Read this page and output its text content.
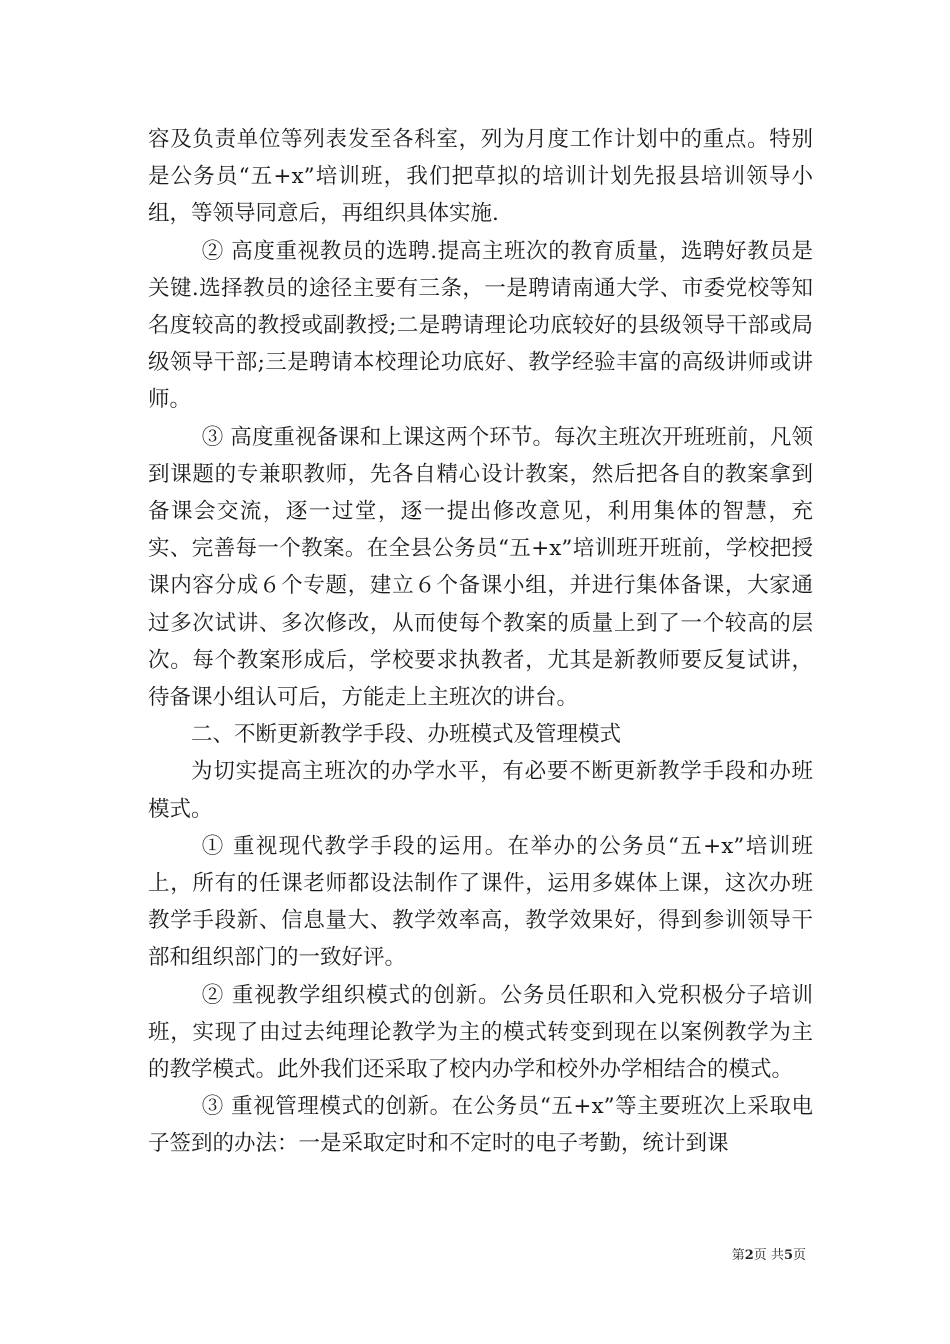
容及负责单位等列表发至各科室，列为月度工作计划中的重点。特别是公务员“五+x”培训班，我们把草拟的培训计划先报县培训领导小组，等领导同意后，再组织具体实施.

② 高度重视教员的选聘.提高主班次的教育质量，选聘好教员是关键.选择教员的途径主要有三条，一是聘请南通大学、市委党校等知名度较高的教授或副教授;二是聘请理论功底较好的县级领导干部或局级领导干部;三是聘请本校理论功底好、教学经验丰富的高级讲师或讲师。

③ 高度重视备课和上课这两个环节。每次主班次开班班前，凡领到课题的专兼职教师，先各自精心设计教案，然后把各自的教案拿到备课会交流，逐一过堂，逐一提出修改意见，利用集体的智慧，充实、完善每一个教案。在全县公务员“五+x”培训班开班前，学校把授课内容分成６个专题，建立６个备课小组，并进行集体备课，大家通过多次试讲、多次修改，从而使每个教案的质量上到了一个较高的层次。每个教案形成后，学校要求执教者，尤其是新教师要反复试讲，待备课小组认可后，方能走上主班次的讲台。

二、不断更新教学手段、办班模式及管理模式

为切实提高主班次的办学水平，有必要不断更新教学手段和办班模式。

① 重视现代教学手段的运用。在举办的公务员“五+x”培训班上，所有的任课老师都设法制作了课件，运用多媒体上课，这次办班教学手段新、信息量大、教学效率高，教学效果好，得到参训领导干部和组织部门的一致好评。

② 重视教学组织模式的创新。公务员任职和入党积极分子培训班，实现了由过去纯理论教学为主的模式转变到现在以案例教学为主的教学模式。此外我们还采取了校内办学和校外办学相结合的模式。

③ 重视管理模式的创新。在公务员“五+x”等主要班次上采取电子签到的办法：一是采取定时和不定时的电子考勤，统计到课

第2页 共5页
